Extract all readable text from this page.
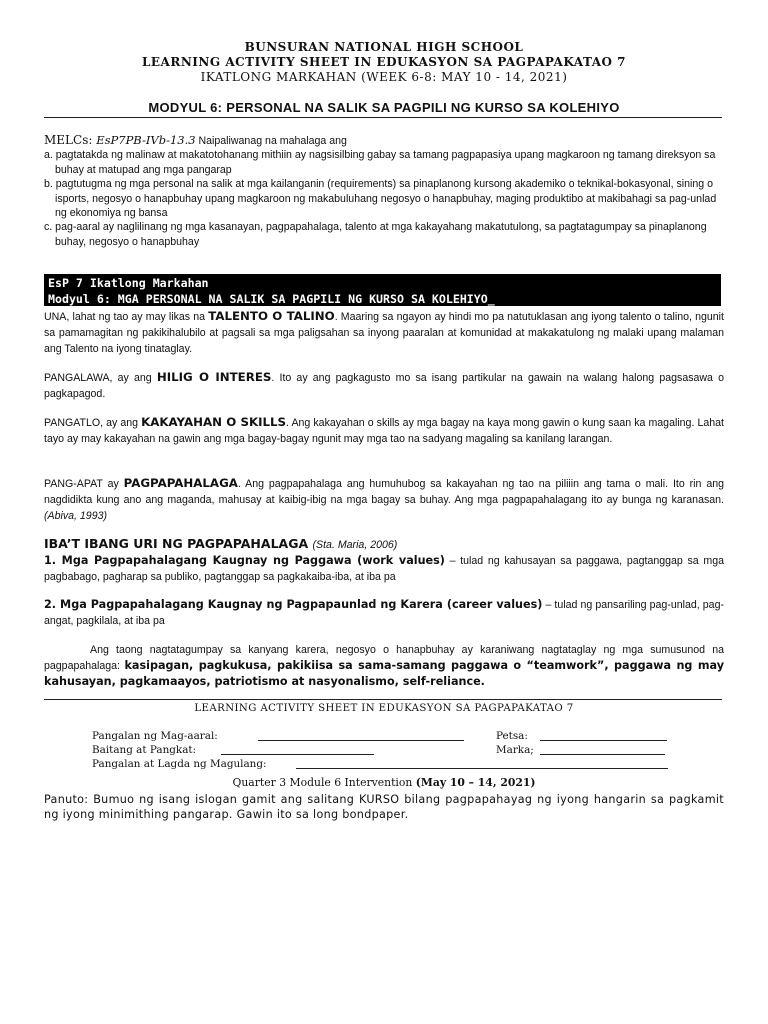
BUNSURAN NATIONAL HIGH SCHOOL
LEARNING ACTIVITY SHEET IN EDUKASYON SA PAGPAPAKATAO 7
IKATLONG MARKAHAN (WEEK 6-8: MAY 10 - 14, 2021)
MODYUL 6: PERSONAL NA SALIK SA PAGPILI NG KURSO SA KOLEHIYO
MELCs: EsP7PB-IVb-13.3 Naipaliwanag na mahalaga ang
a. pagtatakda ng malinaw at makatotohanang mithiin ay nagsisilbing gabay sa tamang pagpapasiya upang magkaroon ng tamang direksyon sa buhay at matupad ang mga pangarap
b. pagtutugma ng mga personal na salik at mga kailanganin (requirements) sa pinaplanong kursong akademiko o teknikal-bokasyonal, sining o isports, negosyo o hanapbuhay upang magkaroon ng makabuluhang negosyo o hanapbuhay, maging produktibo at makibahagi sa pag-unlad ng ekonomiya ng bansa
c. pag-aaral ay naglilinang ng mga kasanayan, pagpapahalaga, talento at mga kakayahang makatutulong, sa pagtatagumpay sa pinaplanong buhay, negosyo o hanapbuhay
EsP 7 Ikatlong Markahan
Modyul 6: MGA PERSONAL NA SALIK SA PAGPILI NG KURSO SA KOLEHIYO_
UNA, lahat ng tao ay may likas na TALENTO O TALINO. Maaring sa ngayon ay hindi mo pa natutuklasan ang iyong talento o talino, ngunit sa pamamagitan ng pakikihalubilo at pagsali sa mga paligsahan sa inyong paaralan at komunidad at makakatulong ng malaki upang malaman ang Talento na iyong tinataglay.
PANGALAWA, ay ang HILIG O INTERES. Ito ay ang pagkagusto mo sa isang partikular na gawain na walang halong pagsasawa o pagkapagod.
PANGATLO, ay ang KAKAYAHAN O SKILLS. Ang kakayahan o skills ay mga bagay na kaya mong gawin o kung saan ka magaling. Lahat tayo ay may kakayahan na gawin ang mga bagay-bagay ngunit may mga tao na sadyang magaling sa kanilang larangan.
PANG-APAT ay PAGPAPAHALAGA. Ang pagpapahalaga ang humuhubog sa kakayahan ng tao na piliiin ang tama o mali. Ito rin ang nagdidikta kung ano ang maganda, mahusay at kaibig-ibig na mga bagay sa buhay. Ang mga pagpapahalagang ito ay bunga ng karanasan. (Abiva, 1993)
IBA’T IBANG URI NG PAGPAPAHALAGA (Sta. Maria, 2006)
1. Mga Pagpapahalagang Kaugnay ng Paggawa (work values) – tulad ng kahusayan sa paggawa, pagtanggap sa mga pagbabago, pagharap sa publiko, pagtanggap sa pagkakaiba-iba, at iba pa
2. Mga Pagpapahalagang Kaugnay ng Pagpapaunlad ng Karera (career values) – tulad ng pansariling pag-unlad, pag-angat, pagkilala, at iba pa
Ang taong nagtatagumpay sa kanyang karera, negosyo o hanapbuhay ay karaniwang nagtataglay ng mga sumusunod na pagpapahalaga: kasipagan, pagkukusa, pakikiisa sa sama-samang paggawa o “teamwork”, paggawa ng may kahusayan, pagkamaayos, patriotismo at nasyonalismo, self-reliance.
LEARNING ACTIVITY SHEET IN EDUKASYON SA PAGPAPAKATAO 7
Pangalan ng Mag-aaral:	Petsa:
Baitang at Pangkat:	Marka;
Pangalan at Lagda ng Magulang:
Quarter 3 Module 6 Intervention (May 10 – 14, 2021)
Panuto: Bumuo ng isang islogan gamit ang salitang KURSO bilang pagpapahayag ng iyong hangarin sa pagkamit ng iyong minimithing pangarap. Gawin ito sa long bondpaper.
